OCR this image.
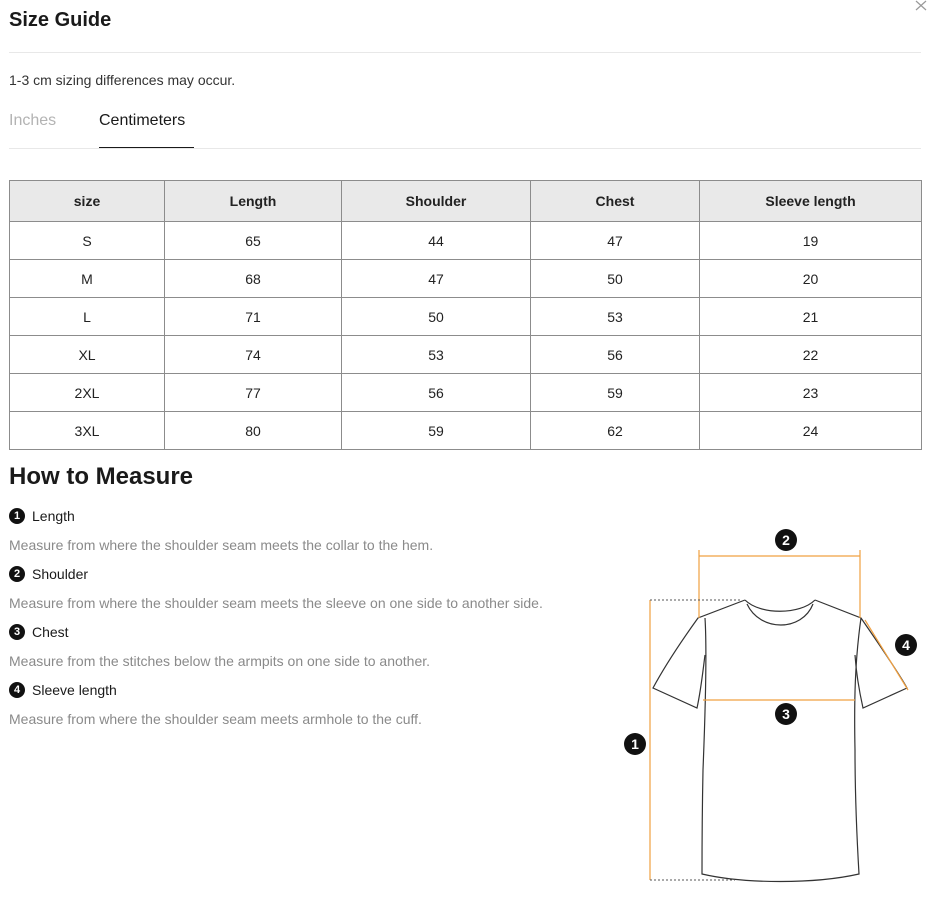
Size Guide
1-3 cm sizing differences may occur.
Inches	Centimeters
size	Length	Shoulder	Chest	Sleeve length
S	65	44	47	19
M	68	47	50	20
L	71	50	53	21
XL	74	53	56	22
2XL	77	56	59	23
3XL	80	59	62	24
How to Measure
1 Length
Measure from where the shoulder seam meets the collar to the hem.
2 Shoulder
Measure from where the shoulder seam meets the sleeve on one side to another side.
3 Chest
Measure from the stitches below the armpits on one side to another.
4 Sleeve length
Measure from where the shoulder seam meets armhole to the cuff.
2
3
1
4
